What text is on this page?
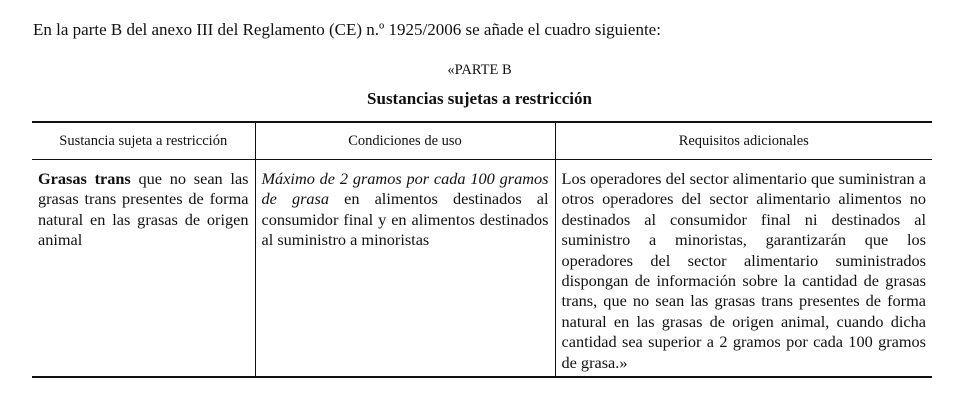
En la parte B del anexo III del Reglamento (CE) n.º 1925/2006 se añade el cuadro siguiente:
«PARTE B
Sustancias sujetas a restricción
Sustancia sujeta a restricción	Condiciones de uso	Requisitos adicionales
Grasas trans que no sean las grasas trans presentes de forma natural en las grasas de origen animal	Máximo de 2 gramos por cada 100 gramos de grasa en alimentos destinados al consumidor final y en alimentos destinados al suministro a minoristas	Los operadores del sector alimentario que suministran a otros operadores del sector alimentario alimentos no destinados al consumidor final ni destinados al suministro a minoristas, garantizarán que los operadores del sector alimentario suministrados dispongan de información sobre la cantidad de grasas trans, que no sean las grasas trans presentes de forma natural en las grasas de origen animal, cuando dicha cantidad sea superior a 2 gramos por cada 100 gramos de grasa.»
